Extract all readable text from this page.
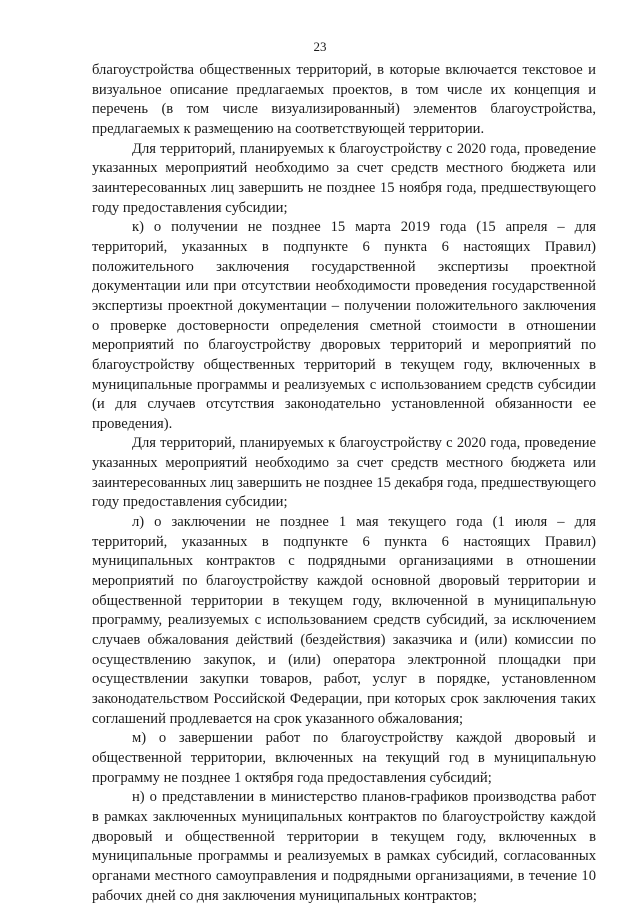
23

благоустройства общественных территорий, в которые включается текстовое и визуальное описание предлагаемых проектов, в том числе их концепция и перечень (в том числе визуализированный) элементов благоустройства, предлагаемых к размещению на соответствующей территории.

Для территорий, планируемых к благоустройству с 2020 года, проведение указанных мероприятий необходимо за счет средств местного бюджета или заинтересованных лиц завершить не позднее 15 ноября года, предшествующего году предоставления субсидии;

к) о получении не позднее 15 марта 2019 года (15 апреля – для территорий, указанных в подпункте 6 пункта 6 настоящих Правил) положительного заключения государственной экспертизы проектной документации или при отсутствии необходимости проведения государственной экспертизы проектной документации – получении положительного заключения о проверке достоверности определения сметной стоимости в отношении мероприятий по благоустройству дворовых территорий и мероприятий по благоустройству общественных территорий в текущем году, включенных в муниципальные программы и реализуемых с использованием средств субсидии (и для случаев отсутствия законодательно установленной обязанности ее проведения).

Для территорий, планируемых к благоустройству с 2020 года, проведение указанных мероприятий необходимо за счет средств местного бюджета или заинтересованных лиц завершить не позднее 15 декабря года, предшествующего году предоставления субсидии;

л) о заключении не позднее 1 мая текущего года (1 июля – для территорий, указанных в подпункте 6 пункта 6 настоящих Правил) муниципальных контрактов с подрядными организациями в отношении мероприятий по благоустройству каждой основной дворовый территории и общественной территории в текущем году, включенной в муниципальную программу, реализуемых с использованием средств субсидий, за исключением случаев обжалования действий (бездействия) заказчика и (или) комиссии по осуществлению закупок, и (или) оператора электронной площадки при осуществлении закупки товаров, работ, услуг в порядке, установленном законодательством Российской Федерации, при которых срок заключения таких соглашений продлевается на срок указанного обжалования;

м) о завершении работ по благоустройству каждой дворовый и общественной территории, включенных на текущий год в муниципальную программу не позднее 1 октября года предоставления субсидий;

н) о представлении в министерство планов-графиков производства работ в рамках заключенных муниципальных контрактов по благоустройству каждой дворовый и общественной территории в текущем году, включенных в муниципальные программы и реализуемых в рамках субсидий, согласованных органами местного самоуправления и подрядными организациями, в течение 10 рабочих дней со дня заключения муниципальных контрактов;
